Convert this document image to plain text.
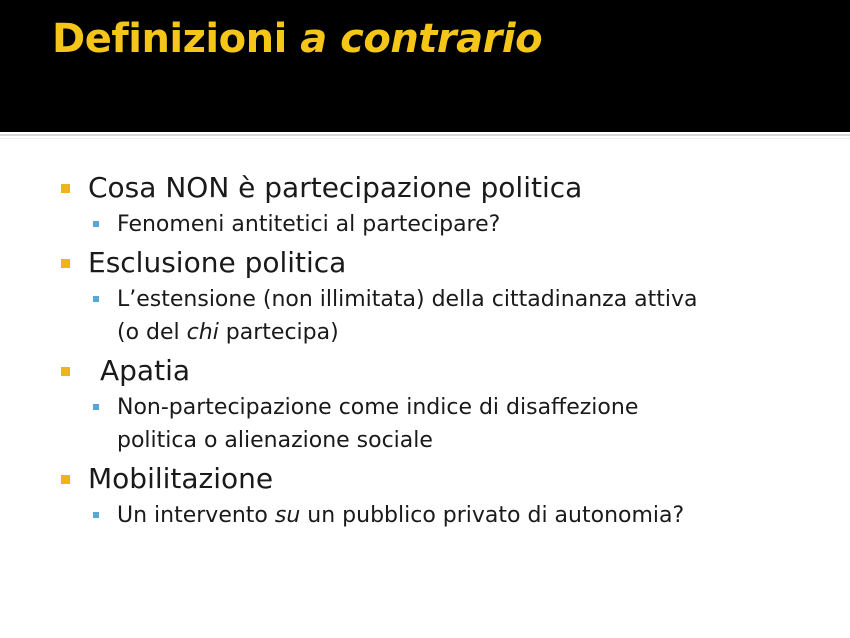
Definizioni a contrario
Cosa NON è partecipazione politica
Fenomeni antitetici al partecipare?
Esclusione politica
L’estensione (non illimitata) della cittadinanza attiva
(o del chi partecipa)
Apatia
Non-partecipazione come indice di disaffezione
politica o alienazione sociale
Mobilitazione
Un intervento su un pubblico privato di autonomia?
